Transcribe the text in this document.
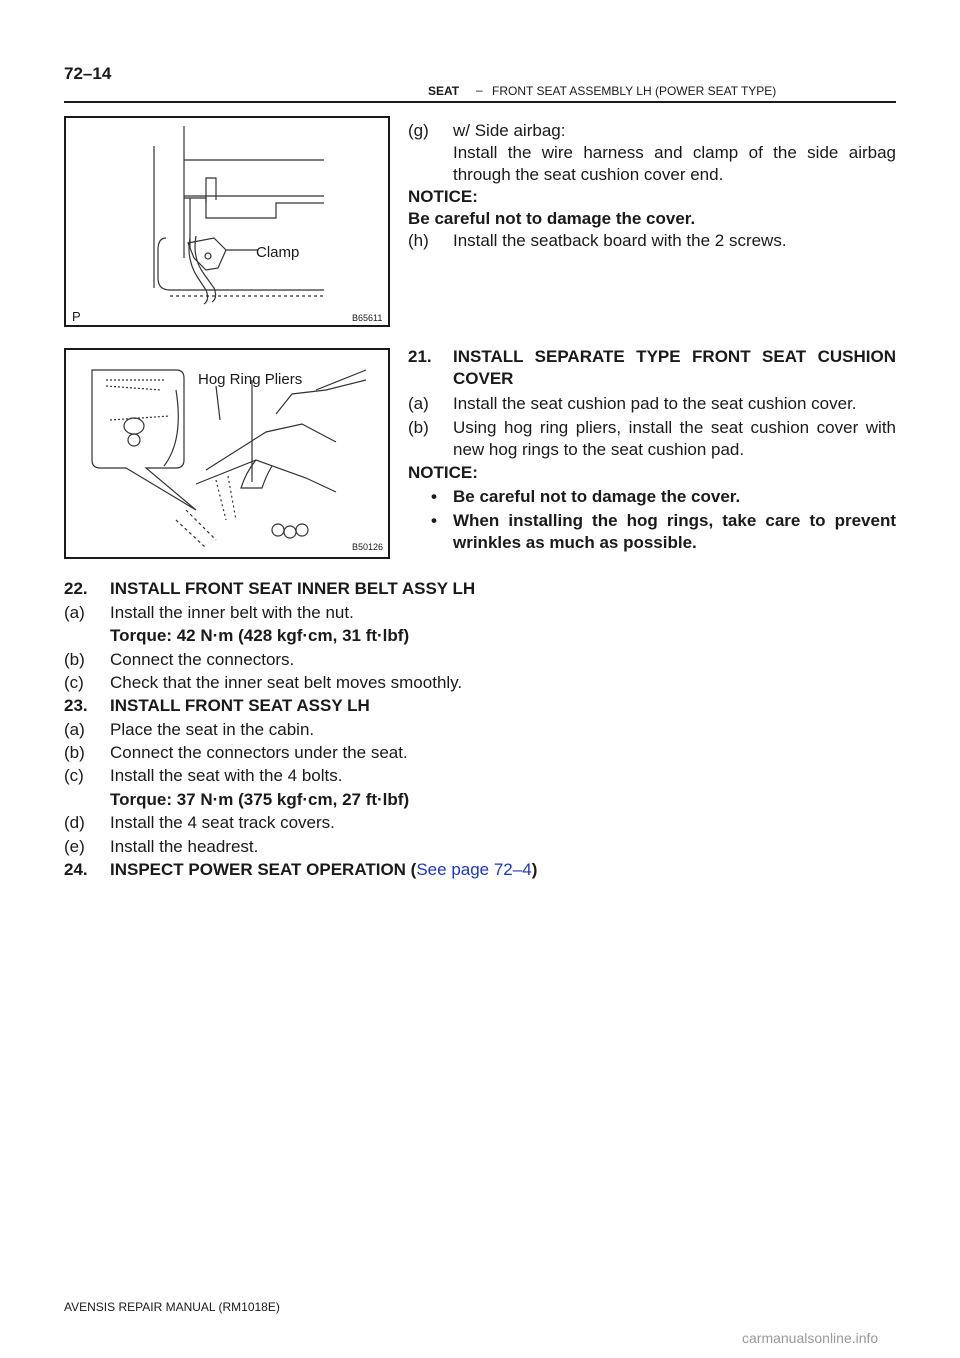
72–14
SEAT – FRONT SEAT ASSEMBLY LH (POWER SEAT TYPE)
Clamp
P	B65611
Hog Ring Pliers
B50126
(g) w/ Side airbag:
Install the wire harness and clamp of the side airbag
through the seat cushion cover end.
NOTICE:
Be careful not to damage the cover.
(h) Install the seatback board with the 2 screws.
21. INSTALL SEPARATE TYPE FRONT SEAT CUSHION
COVER
(a) Install the seat cushion pad to the seat cushion cover.
(b) Using hog ring pliers, install the seat cushion cover with
new hog rings to the seat cushion pad.
NOTICE:
• Be careful not to damage the cover.
• When installing the hog rings, take care to prevent
wrinkles as much as possible.
22. INSTALL FRONT SEAT INNER BELT ASSY LH
(a) Install the inner belt with the nut.
Torque: 42 N·m (428 kgf·cm, 31 ft·lbf)
(b) Connect the connectors.
(c) Check that the inner seat belt moves smoothly.
23. INSTALL FRONT SEAT ASSY LH
(a) Place the seat in the cabin.
(b) Connect the connectors under the seat.
(c) Install the seat with the 4 bolts.
Torque: 37 N·m (375 kgf·cm, 27 ft·lbf)
(d) Install the 4 seat track covers.
(e) Install the headrest.
24. INSPECT POWER SEAT OPERATION (See page 72–4)
AVENSIS REPAIR MANUAL (RM1018E)
carmanualsonline.info
